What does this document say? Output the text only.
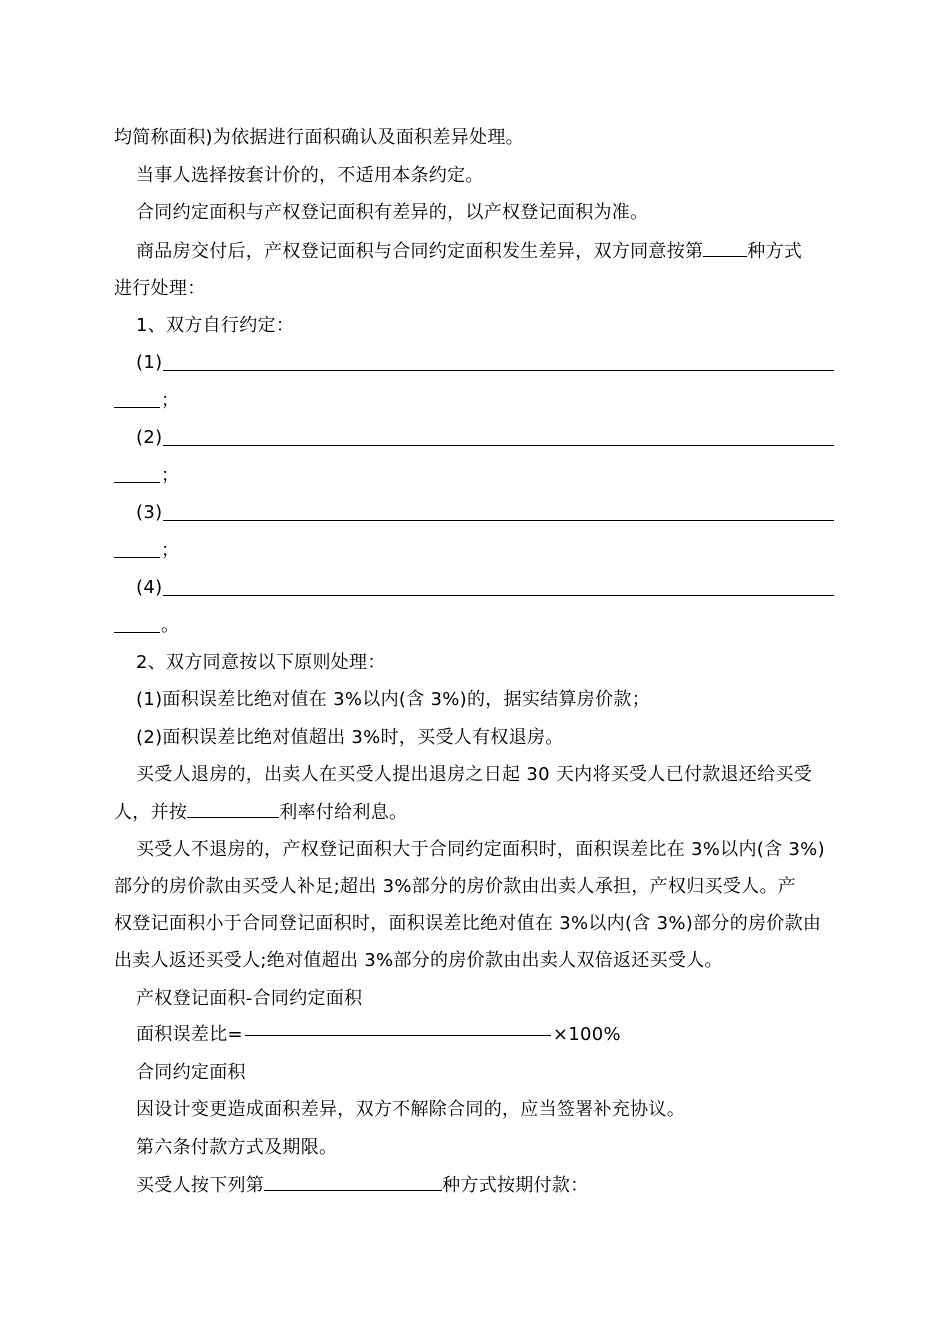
均简称面积)为依据进行面积确认及面积差异处理。
当事人选择按套计价的，不适用本条约定。
合同约定面积与产权登记面积有差异的，以产权登记面积为准。
商品房交付后，产权登记面积与合同约定面积发生差异，双方同意按第 种方式
进行处理：
1、双方自行约定：
(1)
；
(2)
；
(3)
；
(4)
。
2、双方同意按以下原则处理：
(1)面积误差比绝对值在 3%以内(含 3%)的，据实结算房价款；
(2)面积误差比绝对值超出 3%时，买受人有权退房。
买受人退房的，出卖人在买受人提出退房之日起 30 天内将买受人已付款退还给买受
人，并按	利率付给利息。
买受人不退房的，产权登记面积大于合同约定面积时，面积误差比在 3%以内(含 3%)
部分的房价款由买受人补足;超出 3%部分的房价款由出卖人承担，产权归买受人。产
权登记面积小于合同登记面积时，面积误差比绝对值在 3%以内(含 3%)部分的房价款由
出卖人返还买受人;绝对值超出 3%部分的房价款由出卖人双倍返还买受人。
产权登记面积-合同约定面积
面积误差比=	×100%
合同约定面积
因设计变更造成面积差异，双方不解除合同的，应当签署补充协议。
第六条付款方式及期限。
买受人按下列第	种方式按期付款：
